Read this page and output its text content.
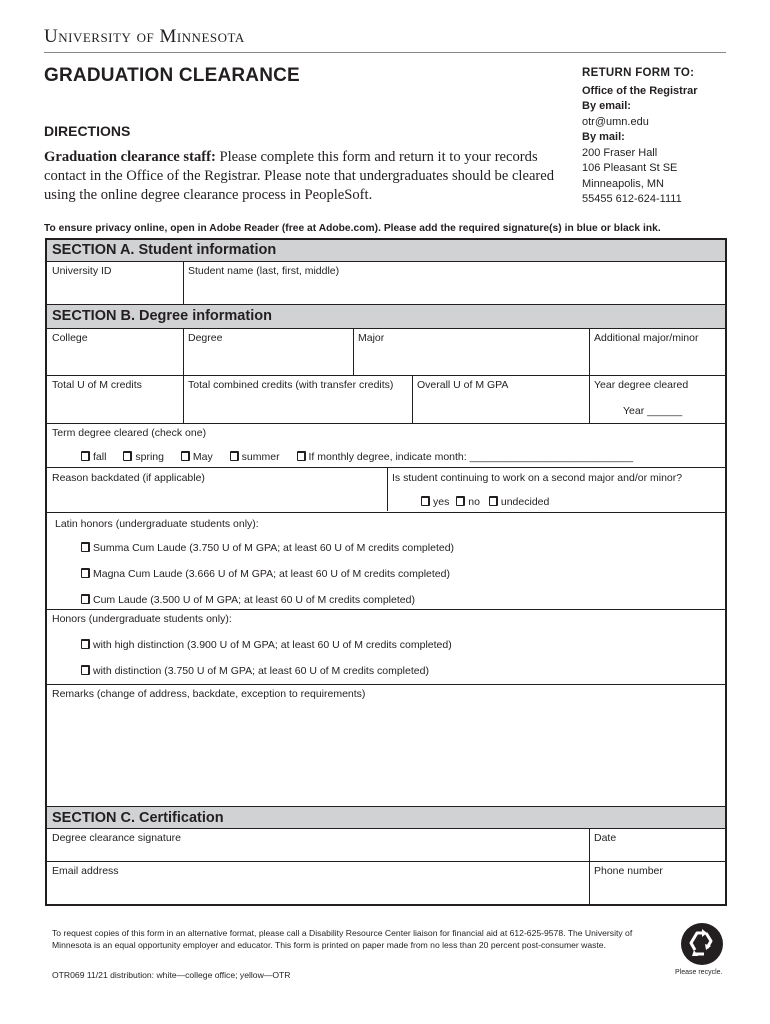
University of Minnesota
GRADUATION CLEARANCE	RETURN FORM TO:
Office of the Registrar
By email:
otr@umn.edu
By mail:
200 Fraser Hall
106 Pleasant St SE
Minneapolis, MN
55455 612-624-1111
DIRECTIONS
Graduation clearance staff: Please complete this form and return it to your records contact in the Office of the Registrar. Please note that undergraduates should be cleared using the online degree clearance process in PeopleSoft.
To ensure privacy online, open in Adobe Reader (free at Adobe.com). Please add the required signature(s) in blue or black ink.
SECTION A. Student information
University ID	Student name (last, first, middle)
SECTION B. Degree information
College	Degree	Major	Additional major/minor
Total U of M credits	Total combined credits (with transfer credits)	Overall U of M GPA	Year degree cleared
Year ______
Term degree cleared (check one)
fall	spring	May	summer	If monthly degree, indicate month: ____________________________
Reason backdated (if applicable)	Is student continuing to work on a second major and/or minor?
yes no undecided
Latin honors (undergraduate students only):
Summa Cum Laude (3.750 U of M GPA; at least 60 U of M credits completed)
Magna Cum Laude (3.666 U of M GPA; at least 60 U of M credits completed)
Cum Laude (3.500 U of M GPA; at least 60 U of M credits completed)
Honors (undergraduate students only):
with high distinction (3.900 U of M GPA; at least 60 U of M credits completed)
with distinction (3.750 U of M GPA; at least 60 U of M credits completed)
Remarks (change of address, backdate, exception to requirements)
SECTION C. Certification
Degree clearance signature	Date
Email address	Phone number
To request copies of this form in an alternative format, please call a Disability Resource Center liaison for financial aid at 612-625-9578. The University of Minnesota is an equal opportunity employer and educator. This form is printed on paper made from no less than 20 percent post-consumer waste.
OTR069 11/21 distribution: white—college office; yellow—OTR	Please recycle.
